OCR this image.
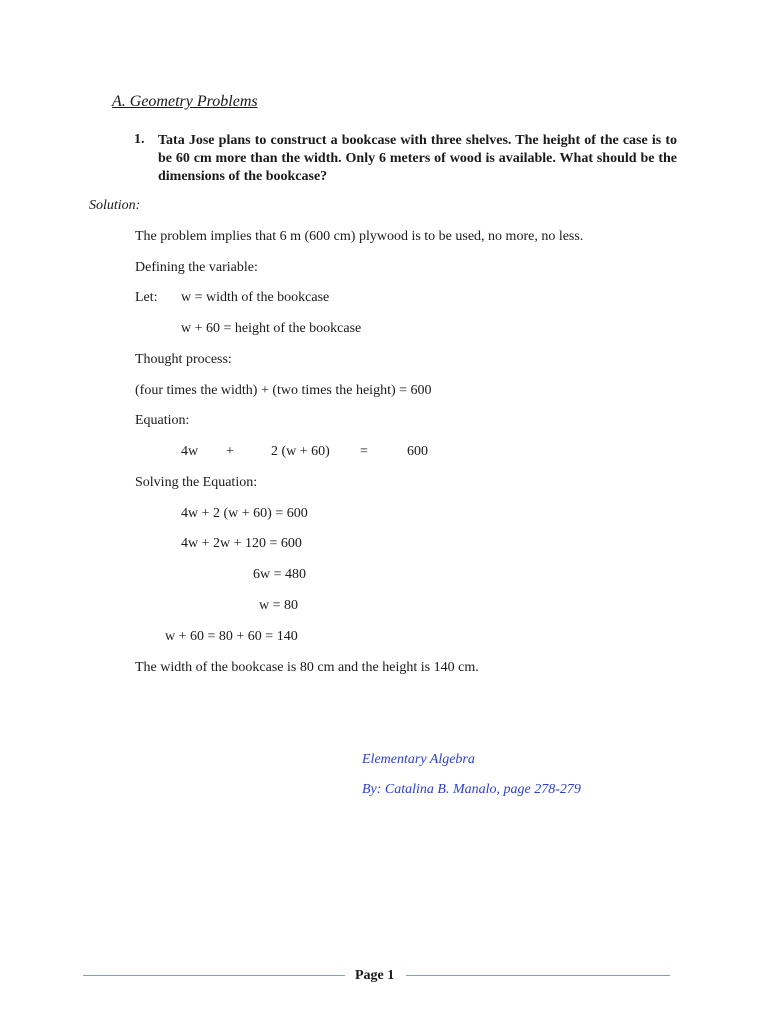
A. Geometry Problems
1. Tata Jose plans to construct a bookcase with three shelves. The height of the case is to be 60 cm more than the width. Only 6 meters of wood is available. What should be the dimensions of the bookcase?
Solution:
The problem implies that 6 m (600 cm) plywood is to be used, no more, no less.
Defining the variable:
Let: w = width of the bookcase
w + 60 = height of the bookcase
Thought process:
(four times the width) + (two times the height) = 600
Equation:
4w +	2 (w + 60) =	600
Solving the Equation:
4w + 2 (w + 60) = 600
4w + 2w + 120 = 600
6w = 480
w = 80
w + 60 = 80 + 60 = 140
The width of the bookcase is 80 cm and the height is 140 cm.
Elementary Algebra
By: Catalina B. Manalo, page 278-279
Page 1
